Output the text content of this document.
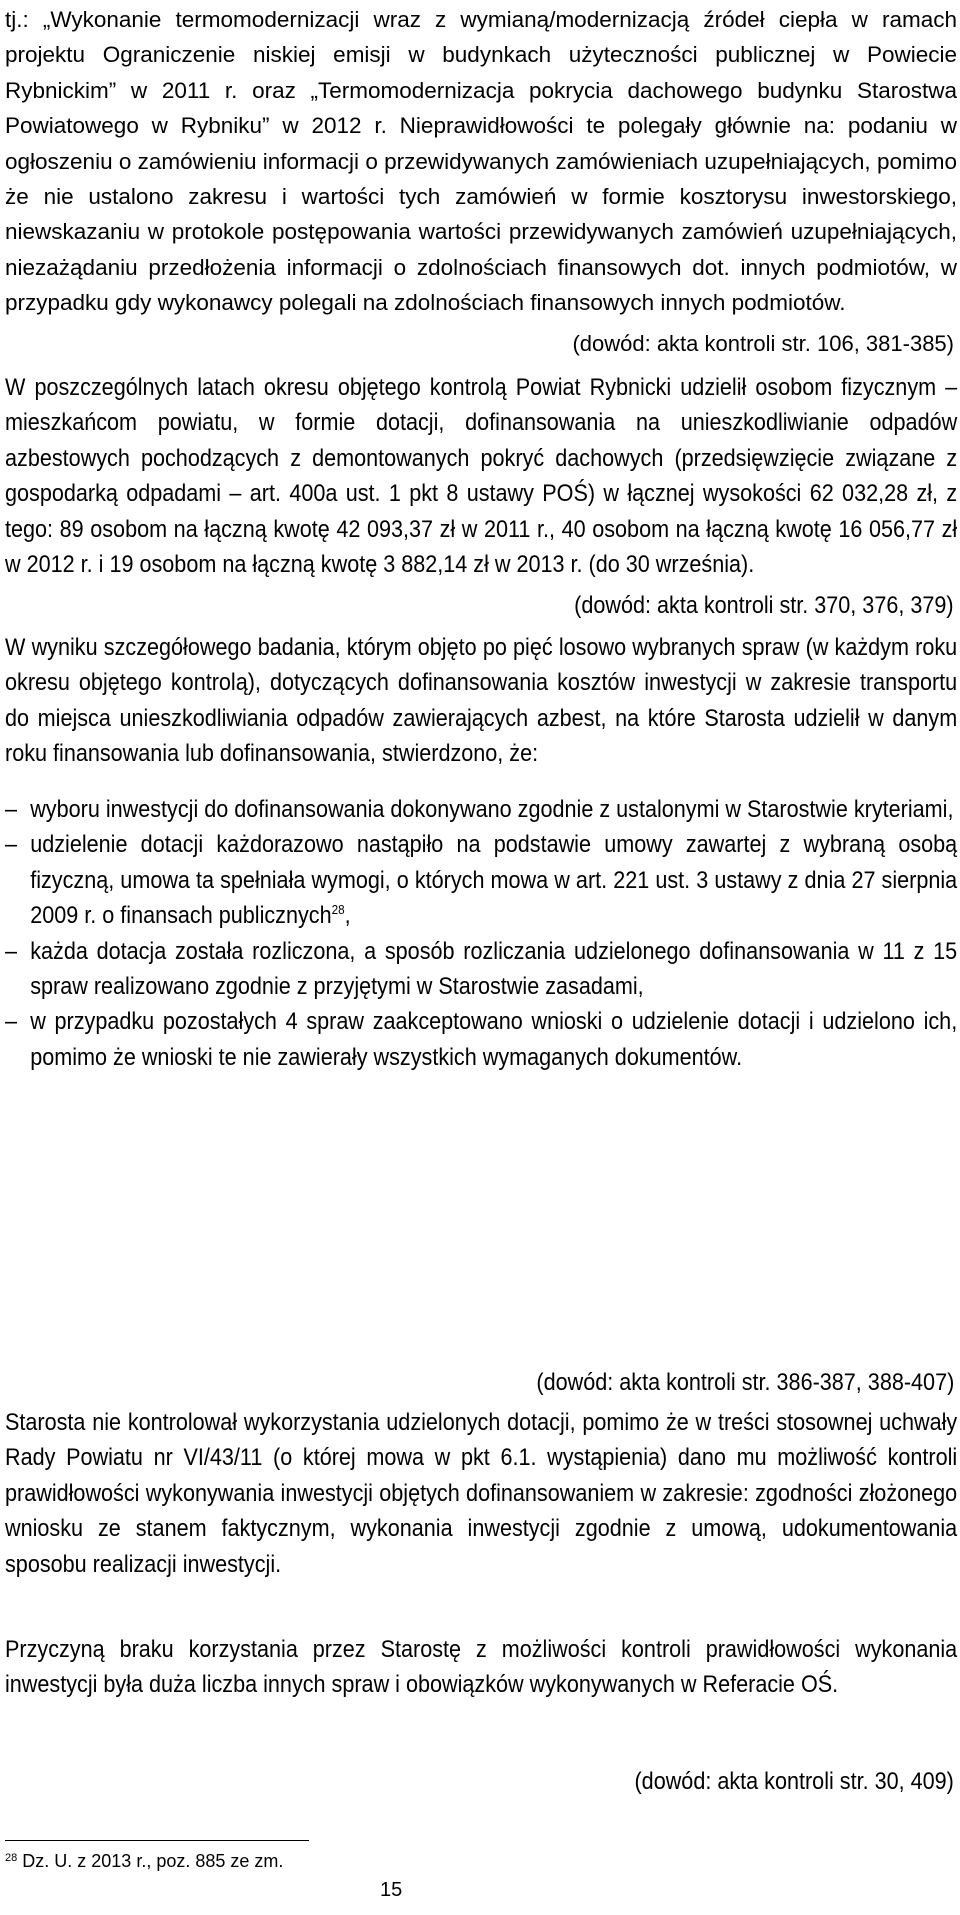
tj.: „Wykonanie termomodernizacji wraz z wymianą/modernizacją źródeł ciepła w ramach projektu Ograniczenie niskiej emisji w budynkach użyteczności publicznej w Powiecie Rybnickim” w 2011 r. oraz „Termomodernizacja pokrycia dachowego budynku Starostwa Powiatowego w Rybniku” w 2012 r. Nieprawidłowości te polegały głównie na: podaniu w ogłoszeniu o zamówieniu informacji o przewidywanych zamówieniach uzupełniających, pomimo że nie ustalono zakresu i wartości tych zamówień w formie kosztorysu inwestorskiego, niewskazaniu w protokole postępowania wartości przewidywanych zamówień uzupełniających, niezażądaniu przedłożenia informacji o zdolnościach finansowych dot. innych podmiotów, w przypadku gdy wykonawcy polegali na zdolnościach finansowych innych podmiotów.

(dowód: akta kontroli str. 106, 381-385)

W poszczególnych latach okresu objętego kontrolą Powiat Rybnicki udzielił osobom fizycznym – mieszkańcom powiatu, w formie dotacji, dofinansowania na unieszkodliwianie odpadów azbestowych pochodzących z demontowanych pokryć dachowych (przedsięwzięcie związane z gospodarką odpadami – art. 400a ust. 1 pkt 8 ustawy POŚ) w łącznej wysokości 62 032,28 zł, z tego: 89 osobom na łączną kwotę 42 093,37 zł w 2011 r., 40 osobom na łączną kwotę 16 056,77 zł w 2012 r. i 19 osobom na łączną kwotę 3 882,14 zł w 2013 r. (do 30 września).

(dowód: akta kontroli str. 370, 376, 379)

W wyniku szczegółowego badania, którym objęto po pięć losowo wybranych spraw (w każdym roku okresu objętego kontrolą), dotyczących dofinansowania kosztów inwestycji w zakresie transportu do miejsca unieszkodliwiania odpadów zawierających azbest, na które Starosta udzielił w danym roku finansowania lub dofinansowania, stwierdzono, że:

– wyboru inwestycji do dofinansowania dokonywano zgodnie z ustalonymi w Starostwie kryteriami,
– udzielenie dotacji każdorazowo nastąpiło na podstawie umowy zawartej z wybraną osobą fizyczną, umowa ta spełniała wymogi, o których mowa w art. 221 ust. 3 ustawy z dnia 27 sierpnia 2009 r. o finansach publicznych$^{28}$,
– każda dotacja została rozliczona, a sposób rozliczania udzielonego dofinansowania w 11 z 15 spraw realizowano zgodnie z przyjętymi w Starostwie zasadami,
– w przypadku pozostałych 4 spraw zaakceptowano wnioski o udzielenie dotacji i udzielono ich, pomimo że wnioski te nie zawierały wszystkich wymaganych dokumentów.
(dowód: akta kontroli str. 386-387, 388-407)

Starosta nie kontrolował wykorzystania udzielonych dotacji, pomimo że w treści stosownej uchwały Rady Powiatu nr VI/43/11 (o której mowa w pkt 6.1. wystąpienia) dano mu możliwość kontroli prawidłowości wykonywania inwestycji objętych dofinansowaniem w zakresie: zgodności złożonego wniosku ze stanem faktycznym, wykonania inwestycji zgodnie z umową, udokumentowania sposobu realizacji inwestycji.

Przyczyną braku korzystania przez Starostę z możliwości kontroli prawidłowości wykonania inwestycji była duża liczba innych spraw i obowiązków wykonywanych w Referacie OŚ.

(dowód: akta kontroli str. 30, 409)
$^{28}$ Dz. U. z 2013 r., poz. 885 ze zm.
15
